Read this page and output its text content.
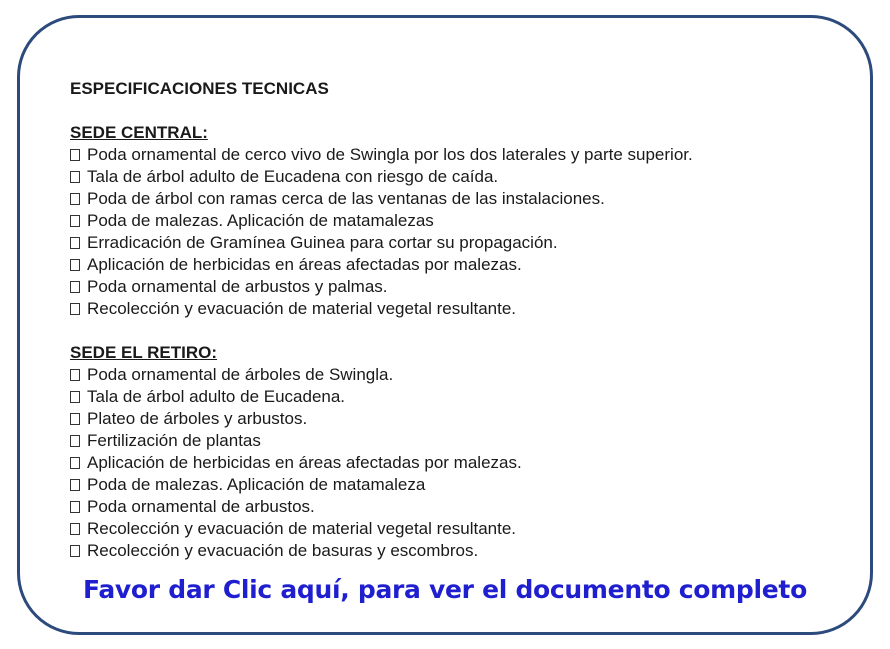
ESPECIFICACIONES TECNICAS
SEDE CENTRAL:
Poda ornamental de cerco vivo de Swingla por los dos laterales y parte superior.
Tala de árbol adulto de Eucadena con riesgo de caída.
Poda de árbol con ramas cerca de las ventanas de las instalaciones.
Poda de malezas. Aplicación de matamalezas
Erradicación de Gramínea Guinea para cortar su propagación.
Aplicación de herbicidas en áreas afectadas por malezas.
Poda ornamental de arbustos y palmas.
Recolección y evacuación de material vegetal resultante.
SEDE EL RETIRO:
Poda ornamental de árboles de Swingla.
Tala de árbol adulto de Eucadena.
Plateo de árboles y arbustos.
Fertilización de plantas
Aplicación de herbicidas en áreas afectadas por malezas.
Poda de malezas. Aplicación de matamaleza
Poda ornamental de arbustos.
Recolección y evacuación de material vegetal resultante.
Recolección y evacuación de basuras y escombros.
Favor dar Clic aquí, para ver el documento completo
